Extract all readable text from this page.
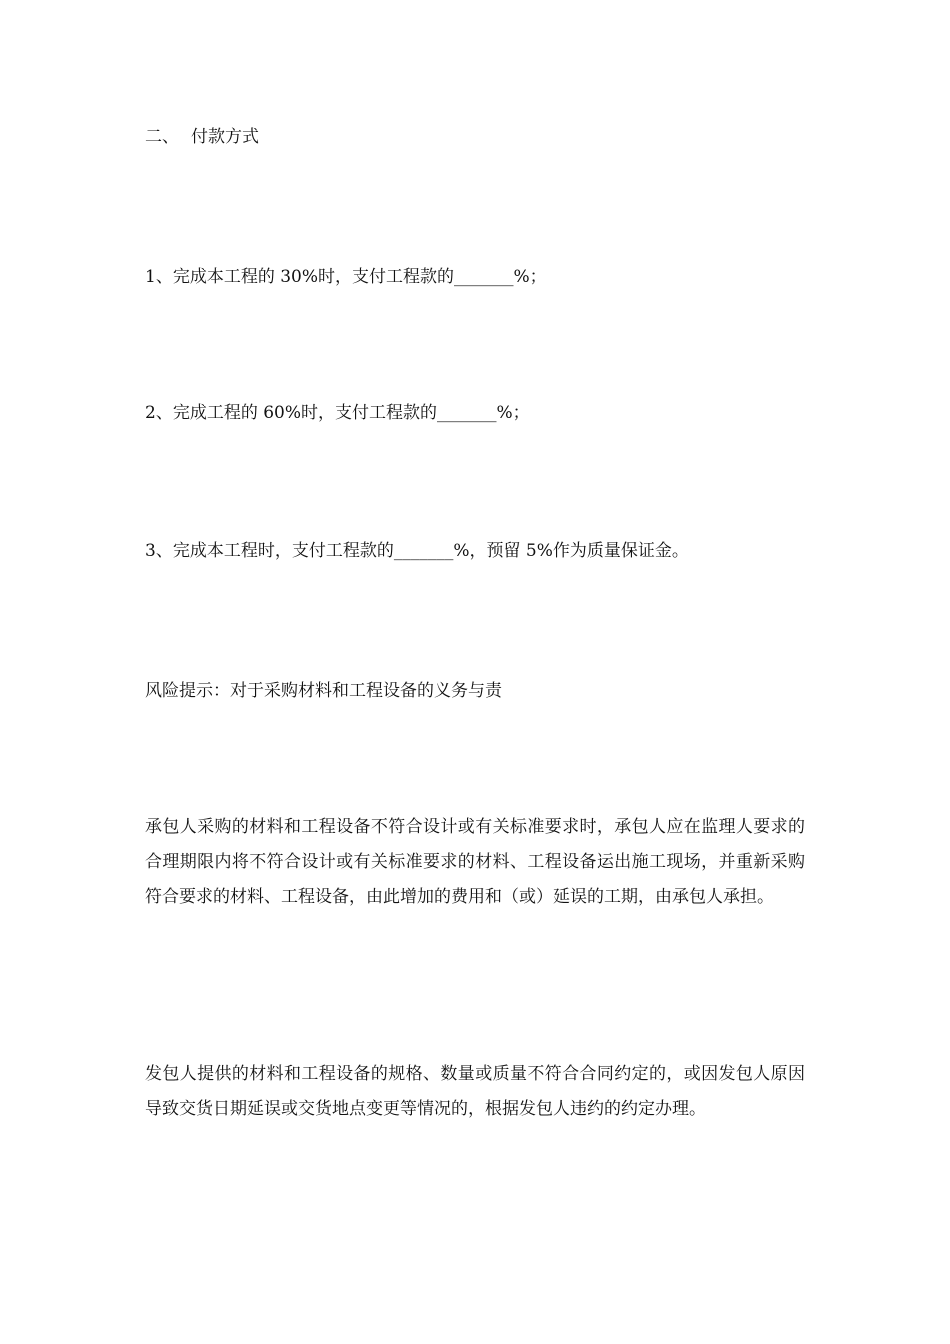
二、 付款方式
1、完成本工程的 30%时，支付工程款的_______%；
2、完成工程的 60%时，支付工程款的_______%；
3、完成本工程时，支付工程款的_______%，预留 5%作为质量保证金。
风险提示：对于采购材料和工程设备的义务与责
承包人采购的材料和工程设备不符合设计或有关标准要求时，承包人应在监理人要求的合理期限内将不符合设计或有关标准要求的材料、工程设备运出施工现场，并重新采购符合要求的材料、工程设备，由此增加的费用和（或）延误的工期，由承包人承担。
发包人提供的材料和工程设备的规格、数量或质量不符合合同约定的，或因发包人原因导致交货日期延误或交货地点变更等情况的，根据发包人违约的约定办理。
